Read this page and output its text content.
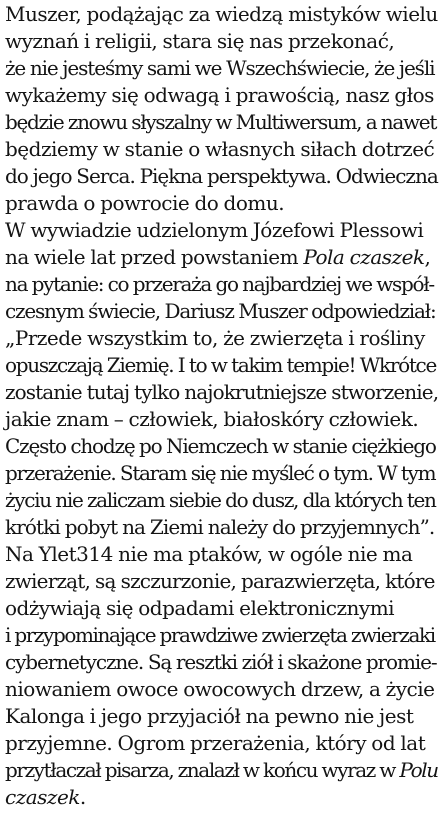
Muszer, podążając za wiedzą mistyków wielu
wyznań i religii, stara się nas przekonać,
że nie jesteśmy sami we Wszechświecie, że jeśli
wykażemy się odwagą i prawością, nasz głos
będzie znowu słyszalny w Multiwersum, a nawet
będziemy w stanie o własnych siłach dotrzeć
do jego Serca. Piękna perspektywa. Odwieczna
prawda o powrocie do domu.
W wywiadzie udzielonym Józefowi Plessowi
na wiele lat przed powstaniem Pola czaszek,
na pytanie: co przeraża go najbardziej we współ-
czesnym świecie, Dariusz Muszer odpowiedział:
„Przede wszystkim to, że zwierzęta i rośliny
opuszczają Ziemię. I to w takim tempie! Wkrótce
zostanie tutaj tylko najokrutniejsze stworzenie,
jakie znam – człowiek, białoskóry człowiek.
Często chodzę po Niemczech w stanie ciężkiego
przerażenie. Staram się nie myśleć o tym. W tym
życiu nie zaliczam siebie do dusz, dla których ten
krótki pobyt na Ziemi należy do przyjemnych”.
Na Ylet314 nie ma ptaków, w ogóle nie ma
zwierząt, są szczurzonie, parazwierzęta, które
odżywiają się odpadami elektronicznymi
i przypominające prawdziwe zwierzęta zwierzaki
cybernetyczne. Są resztki ziół i skażone promie-
niowaniem owoce owocowych drzew, a życie
Kalonga i jego przyjaciół na pewno nie jest
przyjemne. Ogrom przerażenia, który od lat
przytłaczał pisarza, znalazł w końcu wyraz w Polu
czaszek.
